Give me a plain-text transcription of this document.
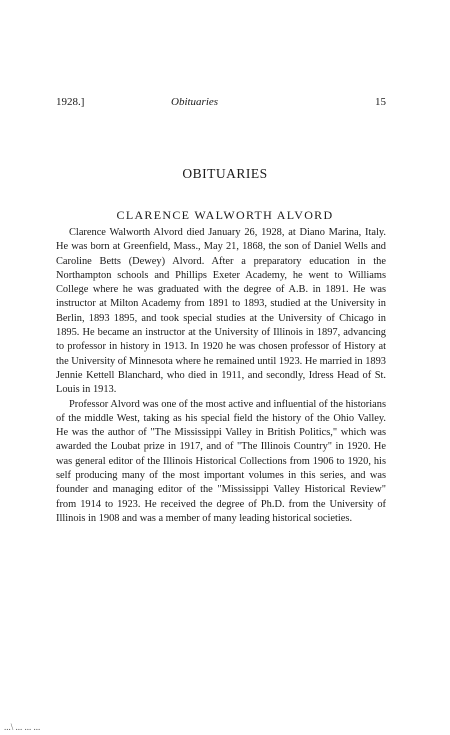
1928.]	Obituaries	15
OBITUARIES
CLARENCE WALWORTH ALVORD

Clarence Walworth Alvord died January 26, 1928, at Diano Marina, Italy. He was born at Greenfield, Mass., May 21, 1868, the son of Daniel Wells and Caroline Betts (Dewey) Alvord. After a preparatory education in the Northampton schools and Phillips Exeter Academy, he went to Williams College where he was graduated with the degree of A.B. in 1891. He was instructor at Milton Academy from 1891 to 1893, studied at the University in Berlin, 1893 1895, and took special studies at the University of Chicago in 1895. He became an instructor at the University of Illinois in 1897, advancing to professor in history in 1913. In 1920 he was chosen professor of History at the University of Minnesota where he remained until 1923. He married in 1893 Jennie Kettell Blanchard, who died in 1911, and secondly, Idress Head of St. Louis in 1913.

Professor Alvord was one of the most active and influential of the historians of the middle West, taking as his special field the history of the Ohio Valley. He was the author of "The Mississippi Valley in British Politics," which was awarded the Loubat prize in 1917, and of "The Illinois Country" in 1920. He was general editor of the Illinois Historical Collections from 1906 to 1920, his self producing many of the most important volumes in this series, and was founder and managing editor of the "Mississippi Valley Historical Review" from 1914 to 1923. He received the degree of Ph.D. from the University of Illinois in 1908 and was a member of many leading historical societies.

...\ ... ... ...
